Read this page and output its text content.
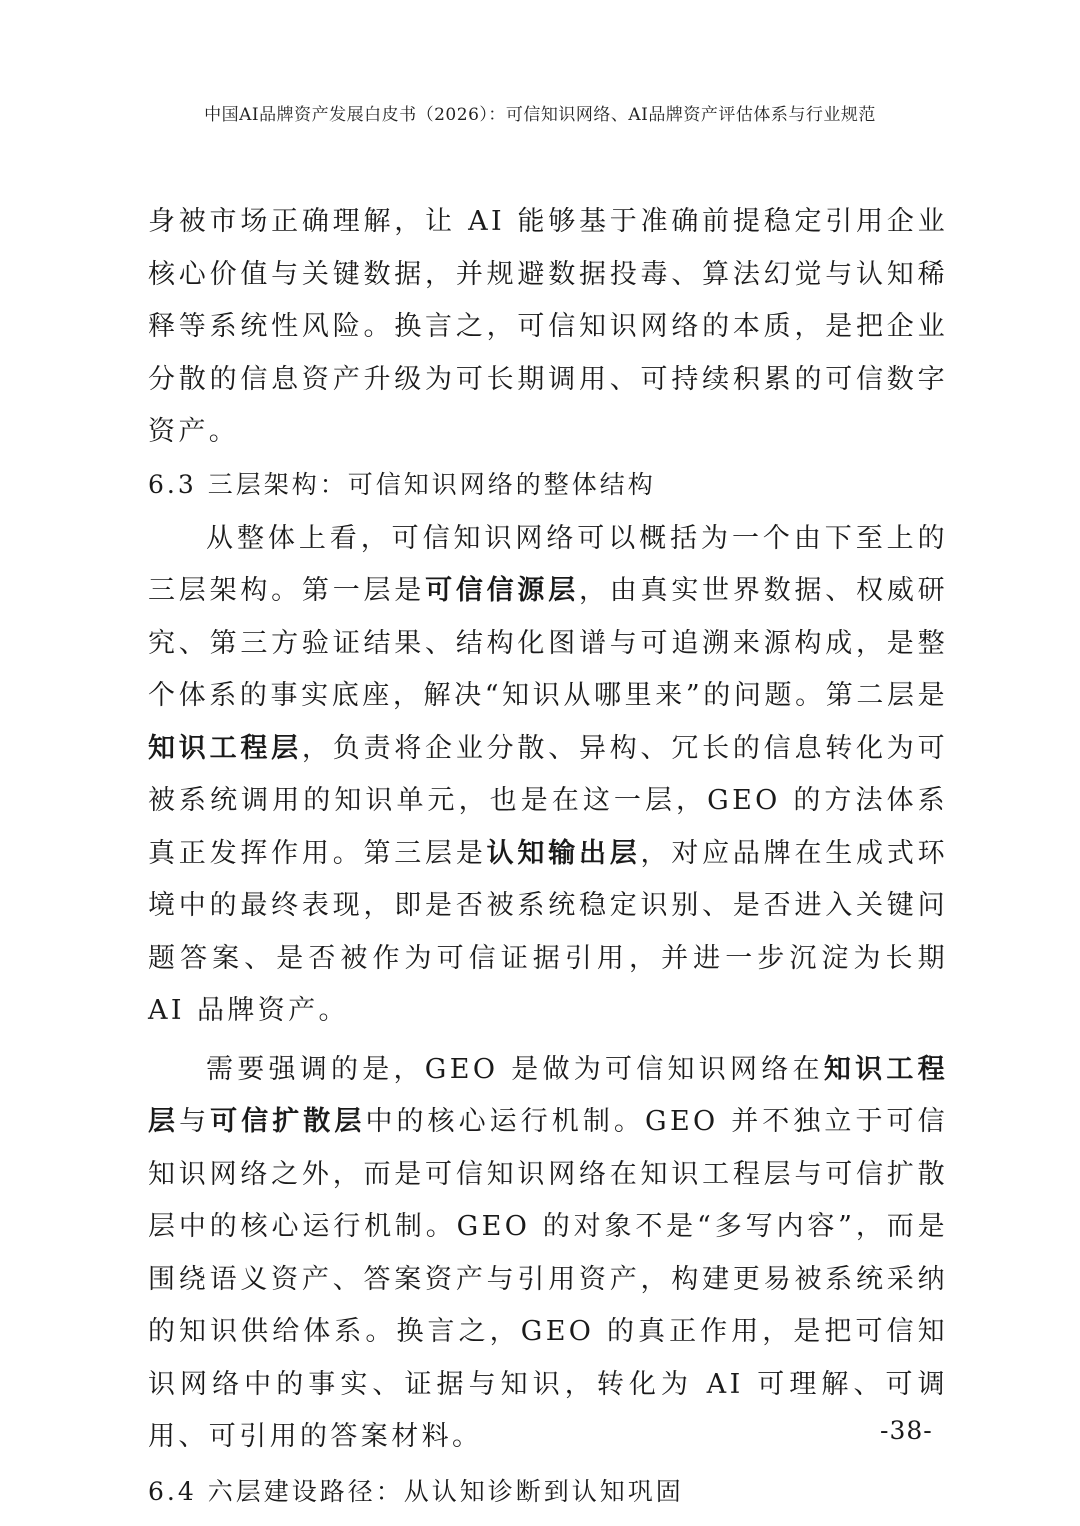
中国AI品牌资产发展白皮书（2026）：可信知识网络、AI品牌资产评估体系与行业规范

身被市场正确理解，让 AI 能够基于准确前提稳定引用企业核心价值与关键数据，并规避数据投毒、算法幻觉与认知稀释等系统性风险。换言之，可信知识网络的本质，是把企业分散的信息资产升级为可长期调用、可持续积累的可信数字资产。

6.3 三层架构：可信知识网络的整体结构

从整体上看，可信知识网络可以概括为一个由下至上的三层架构。第一层是可信信源层，由真实世界数据、权威研究、第三方验证结果、结构化图谱与可追溯来源构成，是整个体系的事实底座，解决“知识从哪里来”的问题。第二层是知识工程层，负责将企业分散、异构、冗长的信息转化为可被系统调用的知识单元，也是在这一层，GEO 的方法体系真正发挥作用。第三层是认知输出层，对应品牌在生成式环境中的最终表现，即是否被系统稳定识别、是否进入关键问题答案、是否被作为可信证据引用，并进一步沉淀为长期 AI 品牌资产。

需要强调的是，GEO 是做为可信知识网络在知识工程层与可信扩散层中的核心运行机制。GEO 并不独立于可信知识网络之外，而是可信知识网络在知识工程层与可信扩散层中的核心运行机制。GEO 的对象不是“多写内容”，而是围绕语义资产、答案资产与引用资产，构建更易被系统采纳的知识供给体系。换言之，GEO 的真正作用，是把可信知识网络中的事实、证据与知识，转化为 AI 可理解、可调用、可引用的答案材料。

6.4 六层建设路径：从认知诊断到认知巩固
-38-
